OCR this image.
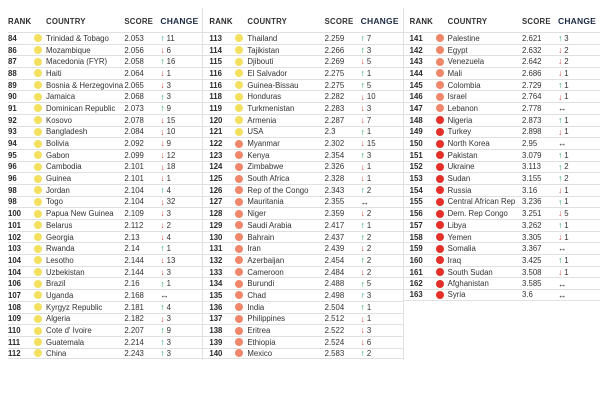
RANK COUNTRY	SCORE CHANGE
84	Trinidad & Tobago	2.053	↑ 11
86	Mozambique	2.056	↓ 6
87	Macedonia (FYR)	2.058	↑ 16
88	Haiti	2.064	↓ 1
89	Bosnia & Herzegovina 2.065	↓ 3
90	Jamaica	2.068	↑ 3
91	Dominican Republic	2.073	↑ 9
92	Kosovo	2.078	↓ 15
93	Bangladesh	2.084	↓ 10
94	Bolivia	2.092	↓ 9
95	Gabon	2.099	↓ 12
96	Cambodia	2.101	↓ 18
96	Guinea	2.101	↓ 1
98	Jordan	2.104	↑ 4
98	Togo	2.104	↓ 32
100	Papua New Guinea	2.109	↓ 3
101	Belarus	2.112	↓ 2
102	Georgia	2.13	↓ 4
103	Rwanda	2.14	↑ 1
104	Lesotho	2.144	↓ 13
104	Uzbekistan	2.144	↓ 3
106	Brazil	2.16	↑ 1
107	Uganda	2.168	↔
108	Kyrgyz Republic	2.181	↑ 4
109	Algeria	2.182	↓ 3
110	Cote d' Ivoire	2.207	↑ 9
111	Guatemala	2.214	↑ 3
112	China	2.243	↑ 3
RANK COUNTRY	SCORE CHANGE
113	Thailand	2.259	↑ 7
114	Tajikistan	2.266	↑ 3
115	Djibouti	2.269	↓ 5
116	El Salvador	2.275	↑ 1
116	Guinea-Bissau	2.275	↑ 5
118	Honduras	2.282	↓ 10
119	Turkmenistan	2.283	↓ 3
120	Armenia	2.287	↓ 7
121	USA	2.3	↑ 1
122	Myanmar	2.302	↓ 15
123	Kenya	2.354	↑ 3
124	Zimbabwe	2.326	↓ 1
125	South Africa	2.328	↓ 1
126	Rep of the Congo	2.343	↑ 2
127	Mauritania	2.355	↔
128	Niger	2.359	↓ 2
129	Saudi Arabia	2.417	↑ 1
130	Bahrain	2.437	↑ 2
131	Iran	2.439	↓ 2
132	Azerbaijan	2.454	↑ 2
133	Cameroon	2.484	↓ 2
134	Burundi	2.488	↑ 5
135	Chad	2.498	↑ 3
136	India	2.504	↑ 1
137	Philippines	2.512	↓ 1
138	Eritrea	2.522	↓ 3
139	Ethiopia	2.524	↓ 6
140	Mexico	2.583	↑ 2
RANK COUNTRY	SCORE CHANGE
141	Palestine	2.621	↑ 3
142	Egypt	2.632	↓ 2
143	Venezuela	2.642	↓ 2
144	Mali	2.686	↓ 1
145	Colombia	2.729	↑ 1
146	Israel	2.764	↓ 1
147	Lebanon	2.778	↔
148	Nigeria	2.873	↑ 1
149	Turkey	2.898	↓ 1
150	North Korea	2.95	↔
151	Pakistan	3.079	↑ 1
152	Ukraine	3.113	↑ 2
153	Sudan	3.155	↑ 2
154	Russia	3.16	↓ 1
155	Central African Rep 3.236	↑ 1
156	Dem. Rep Congo	3.251	↓ 5
157	Libya	3.262	↑ 1
158	Yemen	3.305	↓ 1
159	Somalia	3.367	↔
160	Iraq	3.425	↑ 1
161	South Sudan	3.508	↓ 1
162	Afghanistan	3.585	↔
163	Syria	3.6	↔
